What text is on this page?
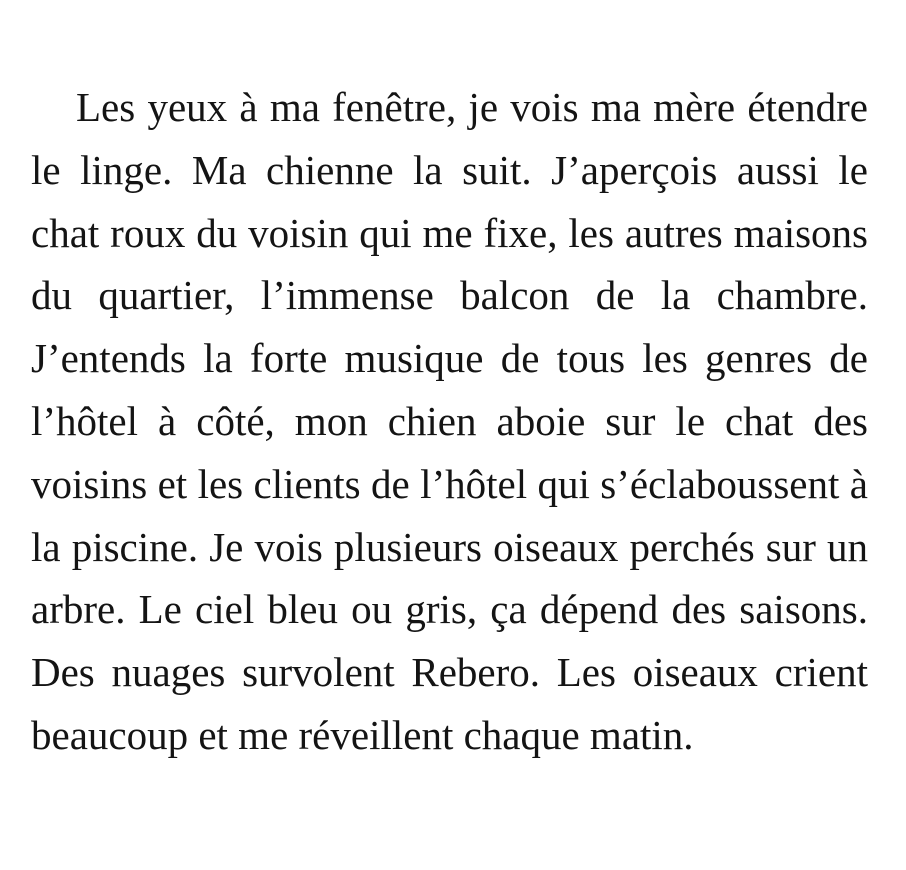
Les yeux à ma fenêtre, je vois ma mère étendre le linge. Ma chienne la suit. J’aperçois aussi le chat roux du voisin qui me fixe, les autres maisons du quartier, l’immense balcon de la chambre. J’entends la forte musique de tous les genres de l’hôtel à côté, mon chien aboie sur le chat des voisins et les clients de l’hôtel qui s’éclaboussent à la piscine. Je vois plusieurs oiseaux perchés sur un arbre. Le ciel bleu ou gris, ça dépend des saisons. Des nuages survolent Rebero. Les oiseaux crient beaucoup et me réveillent chaque matin.
